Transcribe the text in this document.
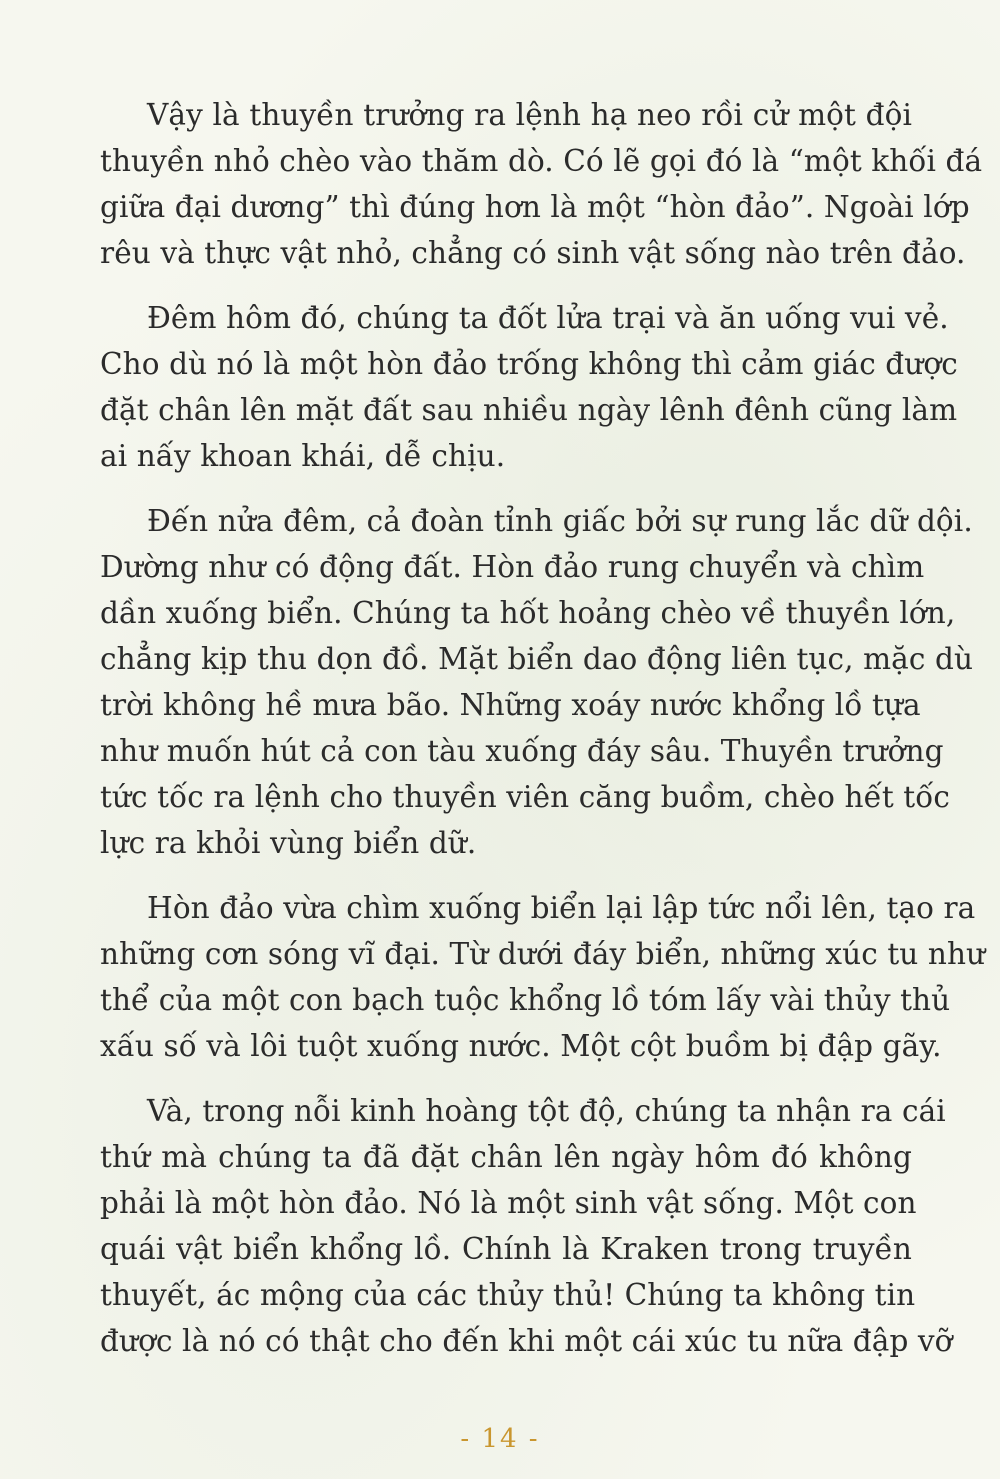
Vậy là thuyền trưởng ra lệnh hạ neo rồi cử một đội
thuyền nhỏ chèo vào thăm dò. Có lẽ gọi đó là “một khối đá
giữa đại dương” thì đúng hơn là một “hòn đảo”. Ngoài lớp
rêu và thực vật nhỏ, chẳng có sinh vật sống nào trên đảo.

Đêm hôm đó, chúng ta đốt lửa trại và ăn uống vui vẻ.
Cho dù nó là một hòn đảo trống không thì cảm giác được
đặt chân lên mặt đất sau nhiều ngày lênh đênh cũng làm
ai nấy khoan khái, dễ chịu.

Đến nửa đêm, cả đoàn tỉnh giấc bởi sự rung lắc dữ dội.
Dường như có động đất. Hòn đảo rung chuyển và chìm
dần xuống biển. Chúng ta hốt hoảng chèo về thuyền lớn,
chẳng kịp thu dọn đồ. Mặt biển dao động liên tục, mặc dù
trời không hề mưa bão. Những xoáy nước khổng lồ tựa
như muốn hút cả con tàu xuống đáy sâu. Thuyền trưởng
tức tốc ra lệnh cho thuyền viên căng buồm, chèo hết tốc
lực ra khỏi vùng biển dữ.

Hòn đảo vừa chìm xuống biển lại lập tức nổi lên, tạo ra
những cơn sóng vĩ đại. Từ dưới đáy biển, những xúc tu như
thể của một con bạch tuộc khổng lồ tóm lấy vài thủy thủ
xấu số và lôi tuột xuống nước. Một cột buồm bị đập gãy.

Và, trong nỗi kinh hoàng tột độ, chúng ta nhận ra cái
thứ mà chúng ta đã đặt chân lên ngày hôm đó không
phải là một hòn đảo. Nó là một sinh vật sống. Một con
quái vật biển khổng lồ. Chính là Kraken trong truyền
thuyết, ác mộng của các thủy thủ! Chúng ta không tin
được là nó có thật cho đến khi một cái xúc tu nữa đập vỡ

- 14 -
